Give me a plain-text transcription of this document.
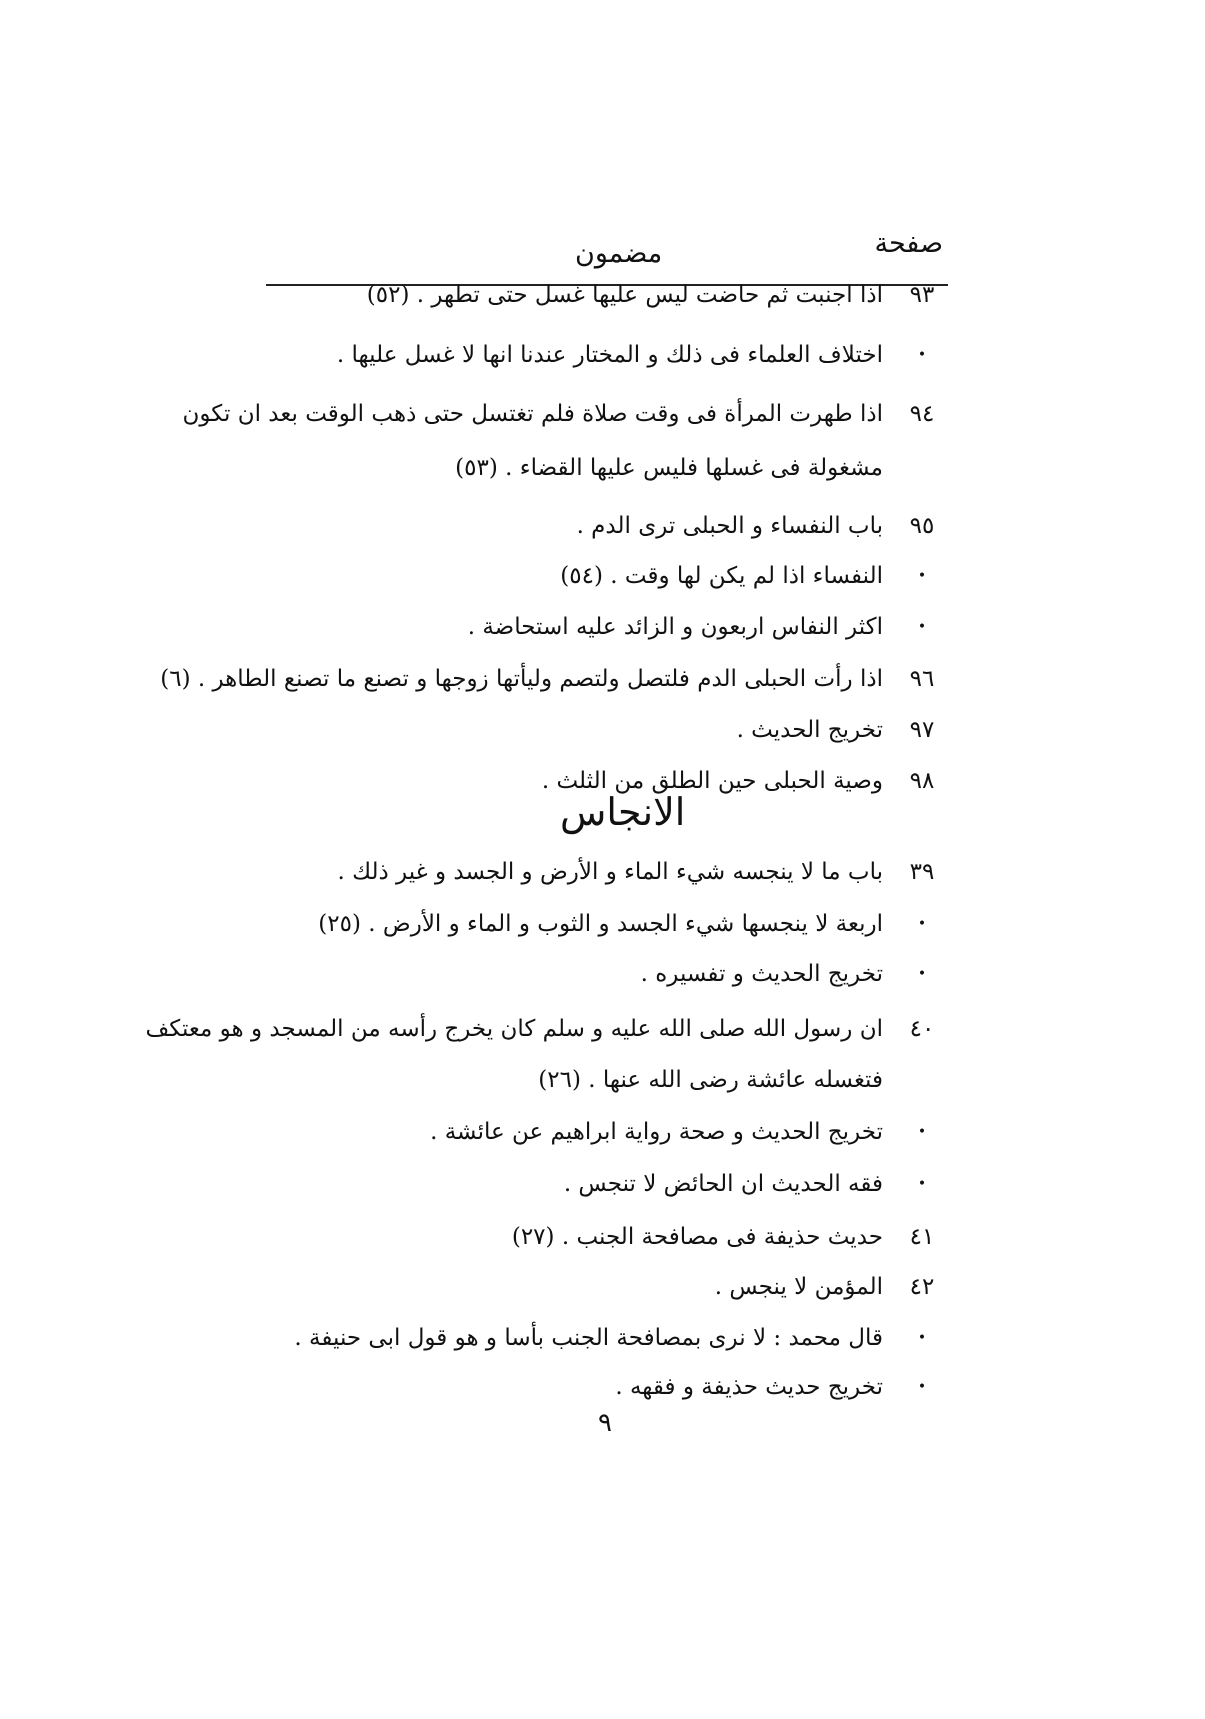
صفحة
مضمون
٩٣
اذا اجنبت ثم حاضت ليس عليها غسل حتى تطهر . (٥٢)
•
اختلاف العلماء فى ذلك و المختار عندنا انها لا غسل عليها .
٩٤
اذا طهرت المرأة فى وقت صلاة فلم تغتسل حتى ذهب الوقت بعد ان تكون
مشغولة فى غسلها فليس عليها القضاء . (٥٣)
٩٥
باب النفساء و الحبلى ترى الدم .
•
النفساء اذا لم يكن لها وقت . (٥٤)
•
اكثر النفاس اربعون و الزائد عليه استحاضة .
٩٦
اذا رأت الحبلى الدم فلتصل ولتصم وليأتها زوجها و تصنع ما تصنع الطاهر . (٦)
٩٧
تخريج الحديث .
٩٨
وصية الحبلى حين الطلق من الثلث .
الانجاس
٣٩
باب ما لا ينجسه شيء الماء و الأرض و الجسد و غير ذلك .
•
اربعة لا ينجسها شيء الجسد و الثوب و الماء و الأرض . (٢٥)
•
تخريج الحديث و تفسيره .
٤٠
ان رسول الله صلى الله عليه و سلم كان يخرج رأسه من المسجد و هو معتكف
فتغسله عائشة رضى الله عنها . (٢٦)
•
تخريج الحديث و صحة رواية ابراهيم عن عائشة .
•
فقه الحديث ان الحائض لا تنجس .
٤١
حديث حذيفة فى مصافحة الجنب . (٢٧)
٤٢
المؤمن لا ينجس .
•
قال محمد : لا نرى بمصافحة الجنب بأسا و هو قول ابى حنيفة .
•
تخريج حديث حذيفة و فقهه .
٩
